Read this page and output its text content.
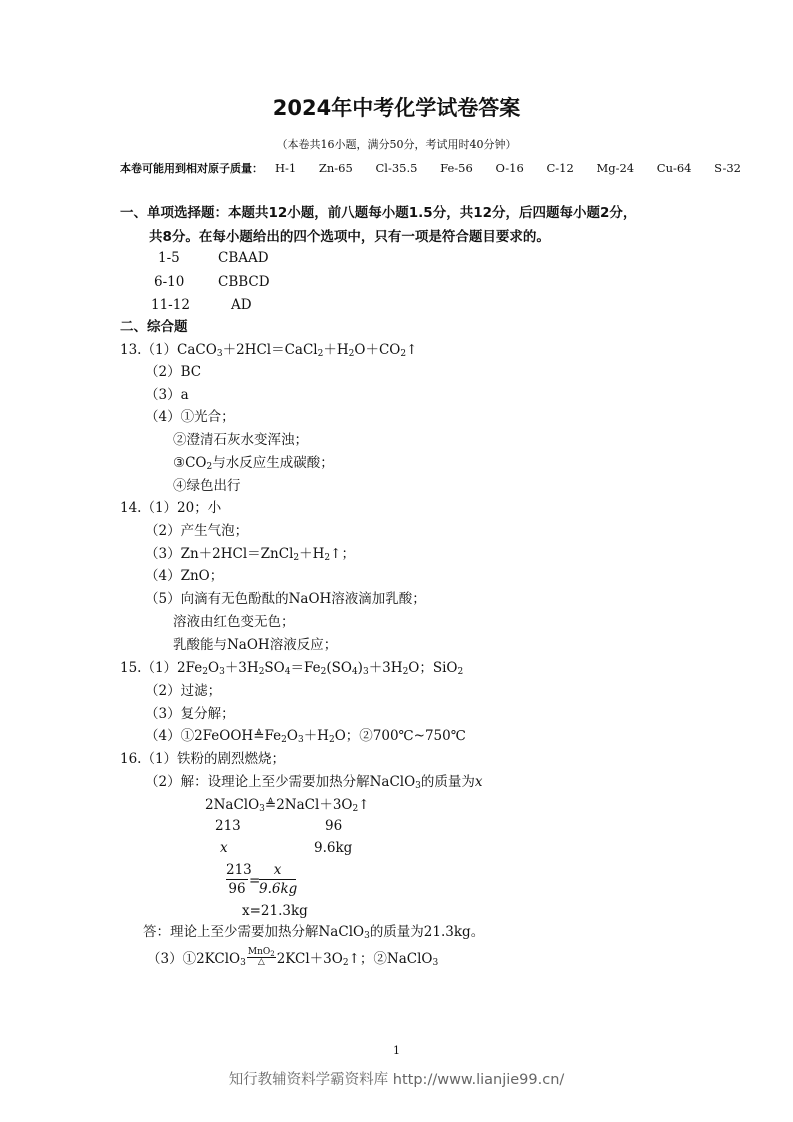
2024年中考化学试卷答案
（本卷共16小题，满分50分，考试用时40分钟）
本卷可能用到相对原子质量： H-1 Zn-65 Cl-35.5 Fe-56 O-16 C-12 Mg-24 Cu-64 S-32
一、单项选择题：本题共12小题，前八题每小题1.5分，共12分，后四题每小题2分，
共8分。在每小题给出的四个选项中，只有一项是符合题目要求的。
1-5	CBAAD
6-10 CBBCD
11-12	AD
二、综合题
$13.(1)CaCO_3+2HCl=CaCl_2+H_2O+CO_2↑$
（2）BC
（3）a
（4）①光合；
②澄清石灰水变浑浊；
$③CO_2$与水反应生成碳酸；
④绿色出行
14.（1）20；小
（2）产生气泡；
$(3)Zn+2HCl=ZnCl_2+H_2↑$；
（4）ZnO；
（5）向滴有无色酚酞的NaOH溶液滴加乳酸；
溶液由红色变无色；
乳酸能与NaOH溶液反应；
$15.(1)2Fe_2O_3+3H_2SO_4=Fe_2(SO_4)_3+3H_2O$；SiO$_2$
（2）过滤；
（3）复分解；
$(4)①2FeOOH≜Fe_2O_3+H_2O$；②700℃~750℃
16.（1）铁粉的剧烈燃烧；
（2）解：设理论上至少需要加热分解NaClO$_3$的质量为x
$2NaClO_3≜2NaCl+3O_2↑$
213	96
x	9.6kg
213
96
=
x
9.6kg
x=21.3kg
答：理论上至少需要加热分解NaClO$_3$的质量为21.3kg。
（3）①2KClO$_3$
MnO$_2$
△ $2KCl+3O_2↑$；②NaClO$_3$
1
知行教辅资料学霸资料库 http://www.lianjie99.cn/
